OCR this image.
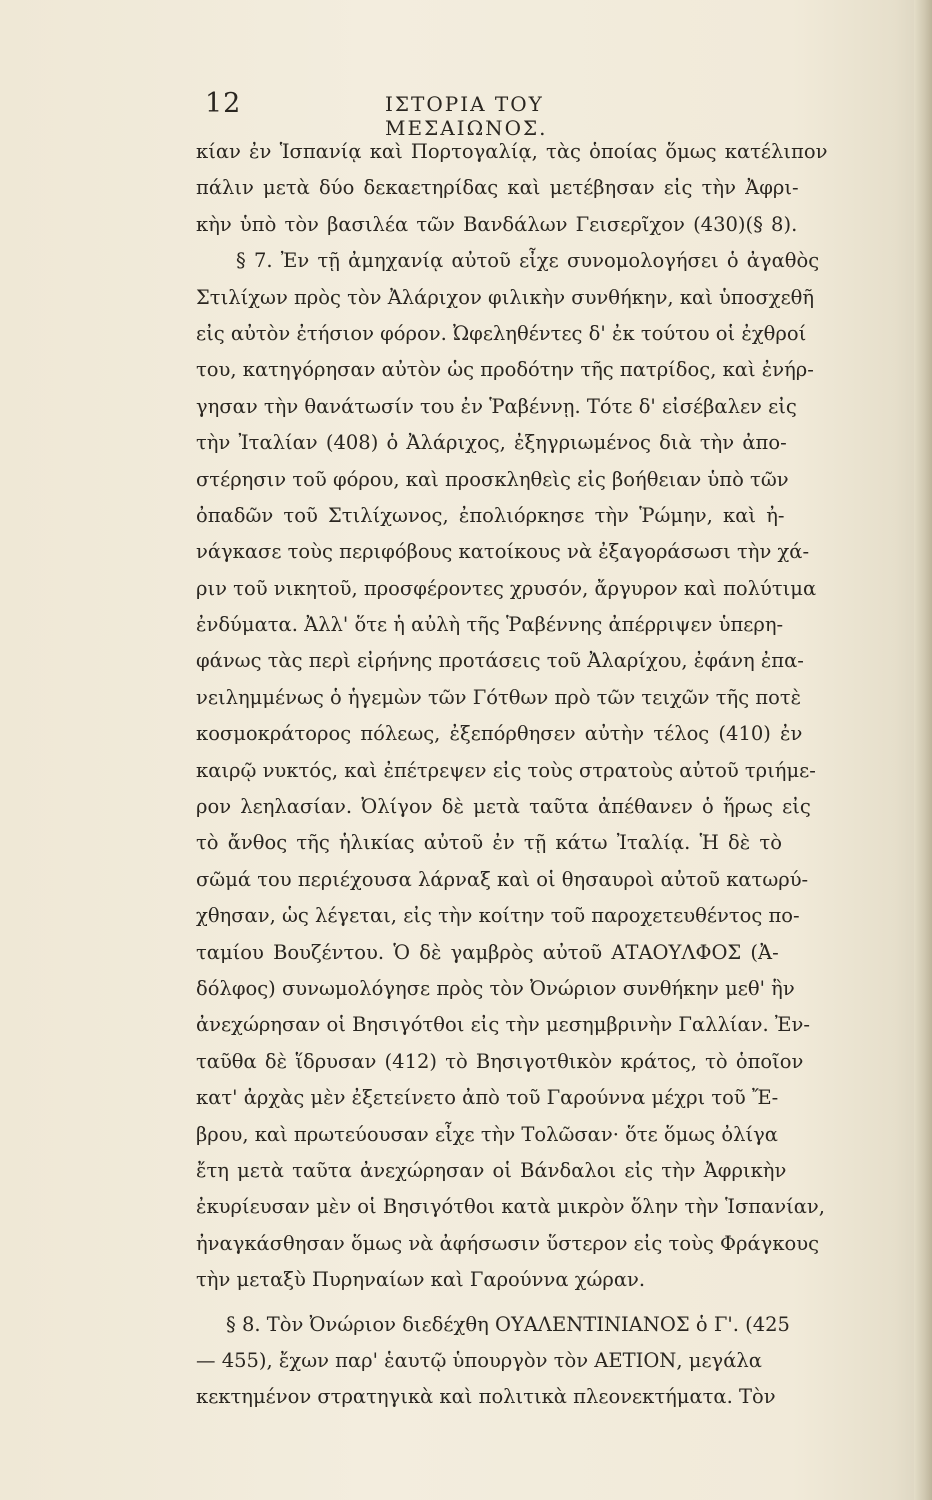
12	ΙΣΤΟΡΙΑ ΤΟΥ ΜΕΣΑΙΩΝΟΣ.
κίαν ἐν Ἱσπανίᾳ καὶ Πορτογαλίᾳ, τὰς ὁποίας ὅμως κατέλιπον
πάλιν μετὰ δύο δεκαετηρίδας καὶ μετέβησαν εἰς τὴν Ἀφρι-
κὴν ὑπὸ τὸν βασιλέα τῶν Βανδάλων Γεισερῖχον (430)(§ 8).
§ 7. Ἐν τῇ ἀμηχανίᾳ αὐτοῦ εἶχε συνομολογήσει ὁ ἀγαθὸς
Στιλίχων πρὸς τὸν Ἀλάριχον φιλικὴν συνθήκην, καὶ ὑποσχεθῆ
εἰς αὐτὸν ἐτήσιον φόρον. Ὠφεληθέντες δ' ἐκ τούτου οἱ ἐχθροί
του, κατηγόρησαν αὐτὸν ὡς προδότην τῆς πατρίδος, καὶ ἐνήρ-
γησαν τὴν θανάτωσίν του ἐν Ῥαβέννῃ. Τότε δ' εἰσέβαλεν εἰς
τὴν Ἰταλίαν (408) ὁ Ἀλάριχος, ἐξηγριωμένος διὰ τὴν ἀπο-
στέρησιν τοῦ φόρου, καὶ προσκληθεὶς εἰς βοήθειαν ὑπὸ τῶν
ὀπαδῶν τοῦ Στιλίχωνος, ἐπολιόρκησε τὴν Ῥώμην, καὶ ἠ-
νάγκασε τοὺς περιφόβους κατοίκους νὰ ἐξαγοράσωσι τὴν χά-
ριν τοῦ νικητοῦ, προσφέροντες χρυσόν, ἄργυρον καὶ πολύτιμα
ἐνδύματα. Ἀλλ' ὅτε ἡ αὐλὴ τῆς Ῥαβέννης ἀπέρριψεν ὑπερη-
φάνως τὰς περὶ εἰρήνης προτάσεις τοῦ Ἀλαρίχου, ἐφάνη ἐπα-
νειλημμένως ὁ ἡγεμὼν τῶν Γότθων πρὸ τῶν τειχῶν τῆς ποτὲ
κοσμοκράτορος πόλεως, ἐξεπόρθησεν αὐτὴν τέλος (410) ἐν
καιρῷ νυκτός, καὶ ἐπέτρεψεν εἰς τοὺς στρατοὺς αὐτοῦ τριήμε-
ρον λεηλασίαν. Ὀλίγον δὲ μετὰ ταῦτα ἀπέθανεν ὁ ἥρως εἰς
τὸ ἄνθος τῆς ἡλικίας αὐτοῦ ἐν τῇ κάτω Ἰταλίᾳ. Ἡ δὲ τὸ
σῶμά του περιέχουσα λάρναξ καὶ οἱ θησαυροὶ αὐτοῦ κατωρύ-
χθησαν, ὡς λέγεται, εἰς τὴν κοίτην τοῦ παροχετευθέντος πο-
ταμίου Βουζέντου. Ὁ δὲ γαμβρὸς αὐτοῦ ΑΤΑΟΥΛΦΟΣ (Ἀ-
δόλφος) συνωμολόγησε πρὸς τὸν Ὀνώριον συνθήκην μεθ' ἣν
ἀνεχώρησαν οἱ Βησιγότθοι εἰς τὴν μεσημβρινὴν Γαλλίαν. Ἐν-
ταῦθα δὲ ἵδρυσαν (412) τὸ Βησιγοτθικὸν κράτος, τὸ ὁποῖον
κατ' ἀρχὰς μὲν ἐξετείνετο ἀπὸ τοῦ Γαρούννα μέχρι τοῦ Ἔ-
βρου, καὶ πρωτεύουσαν εἶχε τὴν Τολῶσαν· ὅτε ὅμως ὀλίγα
ἔτη μετὰ ταῦτα ἀνεχώρησαν οἱ Βάνδαλοι εἰς τὴν Ἀφρικὴν
ἐκυρίευσαν μὲν οἱ Βησιγότθοι κατὰ μικρὸν ὅλην τὴν Ἱσπανίαν,
ἠναγκάσθησαν ὅμως νὰ ἀφήσωσιν ὕστερον εἰς τοὺς Φράγκους
τὴν μεταξὺ Πυρηναίων καὶ Γαρούννα χώραν.
§ 8. Τὸν Ὀνώριον διεδέχθη ΟΥΑΛΕΝΤΙΝΙΑΝΟΣ ὁ Γ'. (425
— 455), ἔχων παρ' ἑαυτῷ ὑπουργὸν τὸν ΑΕΤΙΟΝ, μεγάλα
κεκτημένον στρατηγικὰ καὶ πολιτικὰ πλεονεκτήματα. Τὸν
